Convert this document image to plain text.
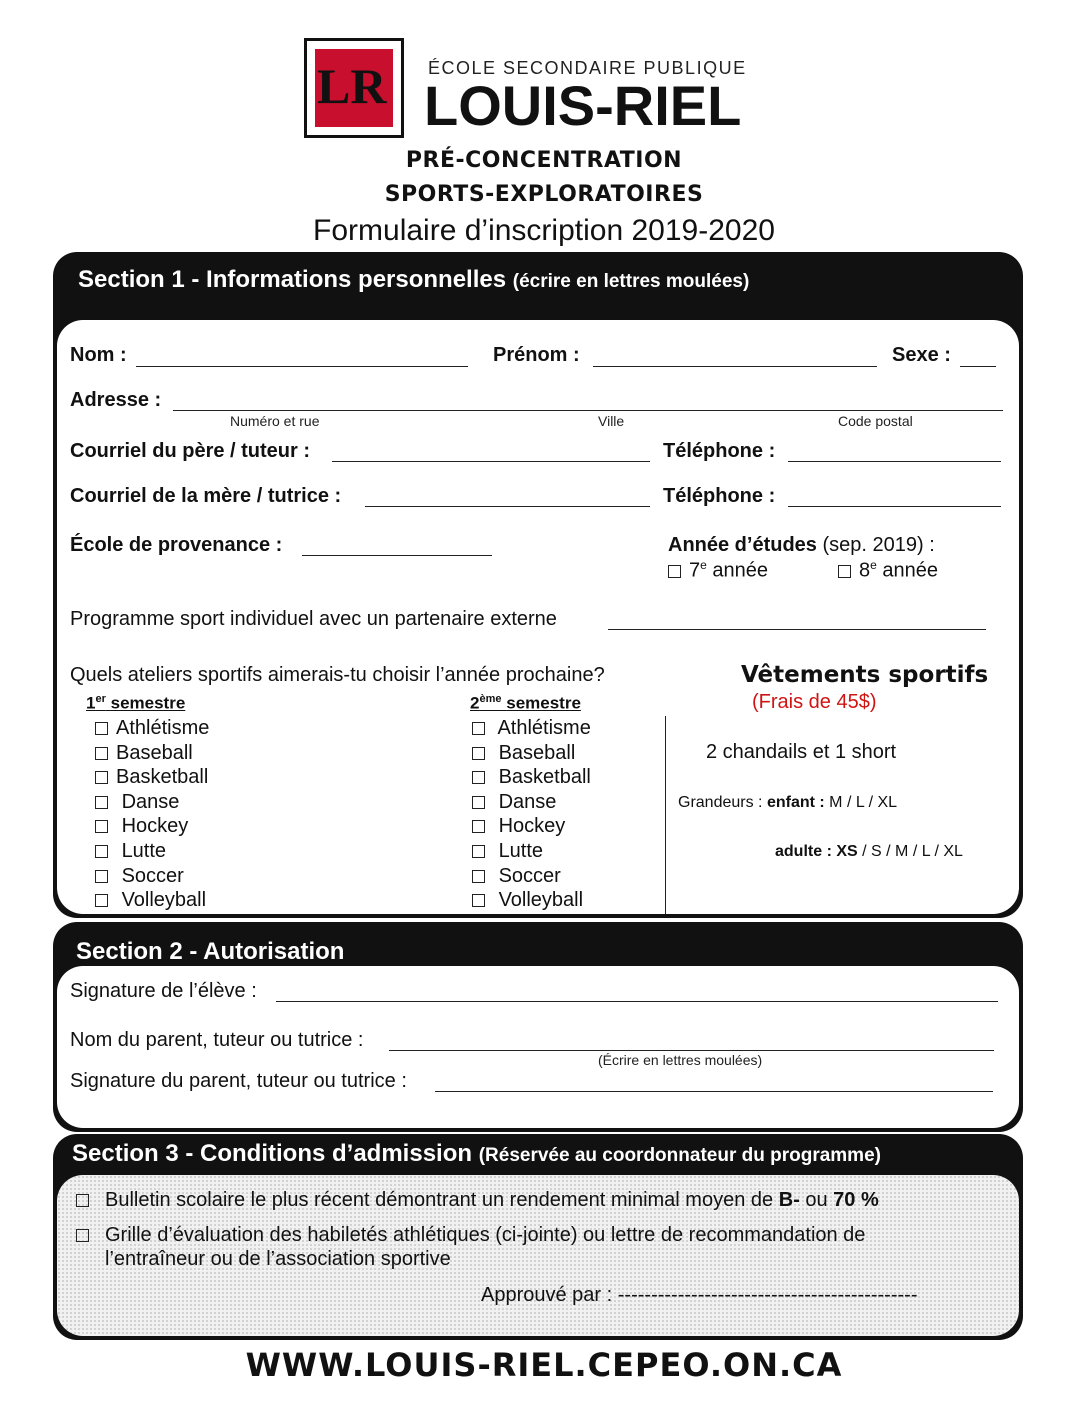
LR ÉCOLE SECONDAIRE PUBLIQUE
LOUIS-RIEL
PRÉ-CONCENTRATION
SPORTS-EXPLORATOIRES
Formulaire d’inscription 2019-2020
Section 1 - Informations personnelles (écrire en lettres moulées)
Nom :	Prénom :	Sexe :
Adresse :
Numéro et rue	Ville	Code postal
Courriel du père / tuteur :	Téléphone :
Courriel de la mère / tutrice :	Téléphone :
École de provenance :	Année d’études (sep. 2019) :
7e année	8e année
Programme sport individuel avec un partenaire externe
Quels ateliers sportifs aimerais-tu choisir l’année prochaine?
1er semestre	2ème semestre
Athlétisme
Baseball
Basketball
Danse
Hockey
Lutte
Soccer
Volleyball
Athlétisme
Baseball
Basketball
Danse
Hockey
Lutte
Soccer
Volleyball
Vêtements sportifs
(Frais de 45$)
2 chandails et 1 short
Grandeurs : enfant : M / L / XL
adulte : XS / S / M / L / XL
Section 2 - Autorisation
Signature de l’élève :
Nom du parent, tuteur ou tutrice :
(Écrire en lettres moulées)
Signature du parent, tuteur ou tutrice :
Section 3 - Conditions d’admission (Réservée au coordonnateur du programme)
Bulletin scolaire le plus récent démontrant un rendement minimal moyen de B- ou 70 %
Grille d’évaluation des habiletés athlétiques (ci-jointe) ou lettre de recommandation de
l’entraîneur ou de l’association sportive
Approuvé par : ---------------------------------------------
WWW.LOUIS-RIEL.CEPEO.ON.CA
